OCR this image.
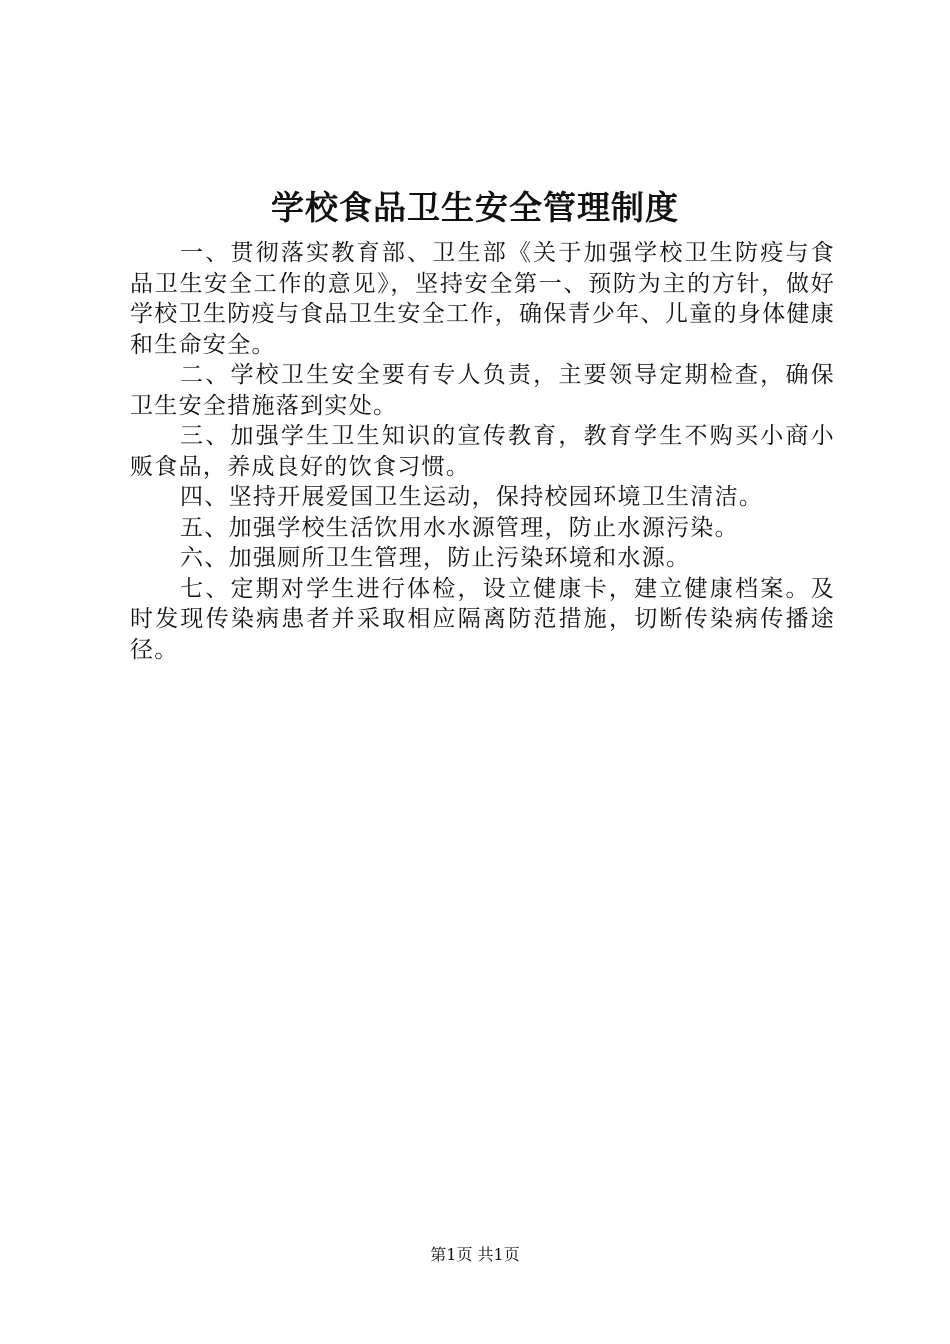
学校食品卫生安全管理制度

一、贯彻落实教育部、卫生部《关于加强学校卫生防疫与食品卫生安全工作的意见》，坚持安全第一、预防为主的方针，做好学校卫生防疫与食品卫生安全工作，确保青少年、儿童的身体健康和生命安全。

二、学校卫生安全要有专人负责，主要领导定期检查，确保卫生安全措施落到实处。

三、加强学生卫生知识的宣传教育，教育学生不购买小商小贩食品，养成良好的饮食习惯。

四、坚持开展爱国卫生运动，保持校园环境卫生清洁。

五、加强学校生活饮用水水源管理，防止水源污染。

六、加强厕所卫生管理，防止污染环境和水源。

七、定期对学生进行体检，设立健康卡，建立健康档案。及时发现传染病患者并采取相应隔离防范措施，切断传染病传播途径。

第1页 共1页
